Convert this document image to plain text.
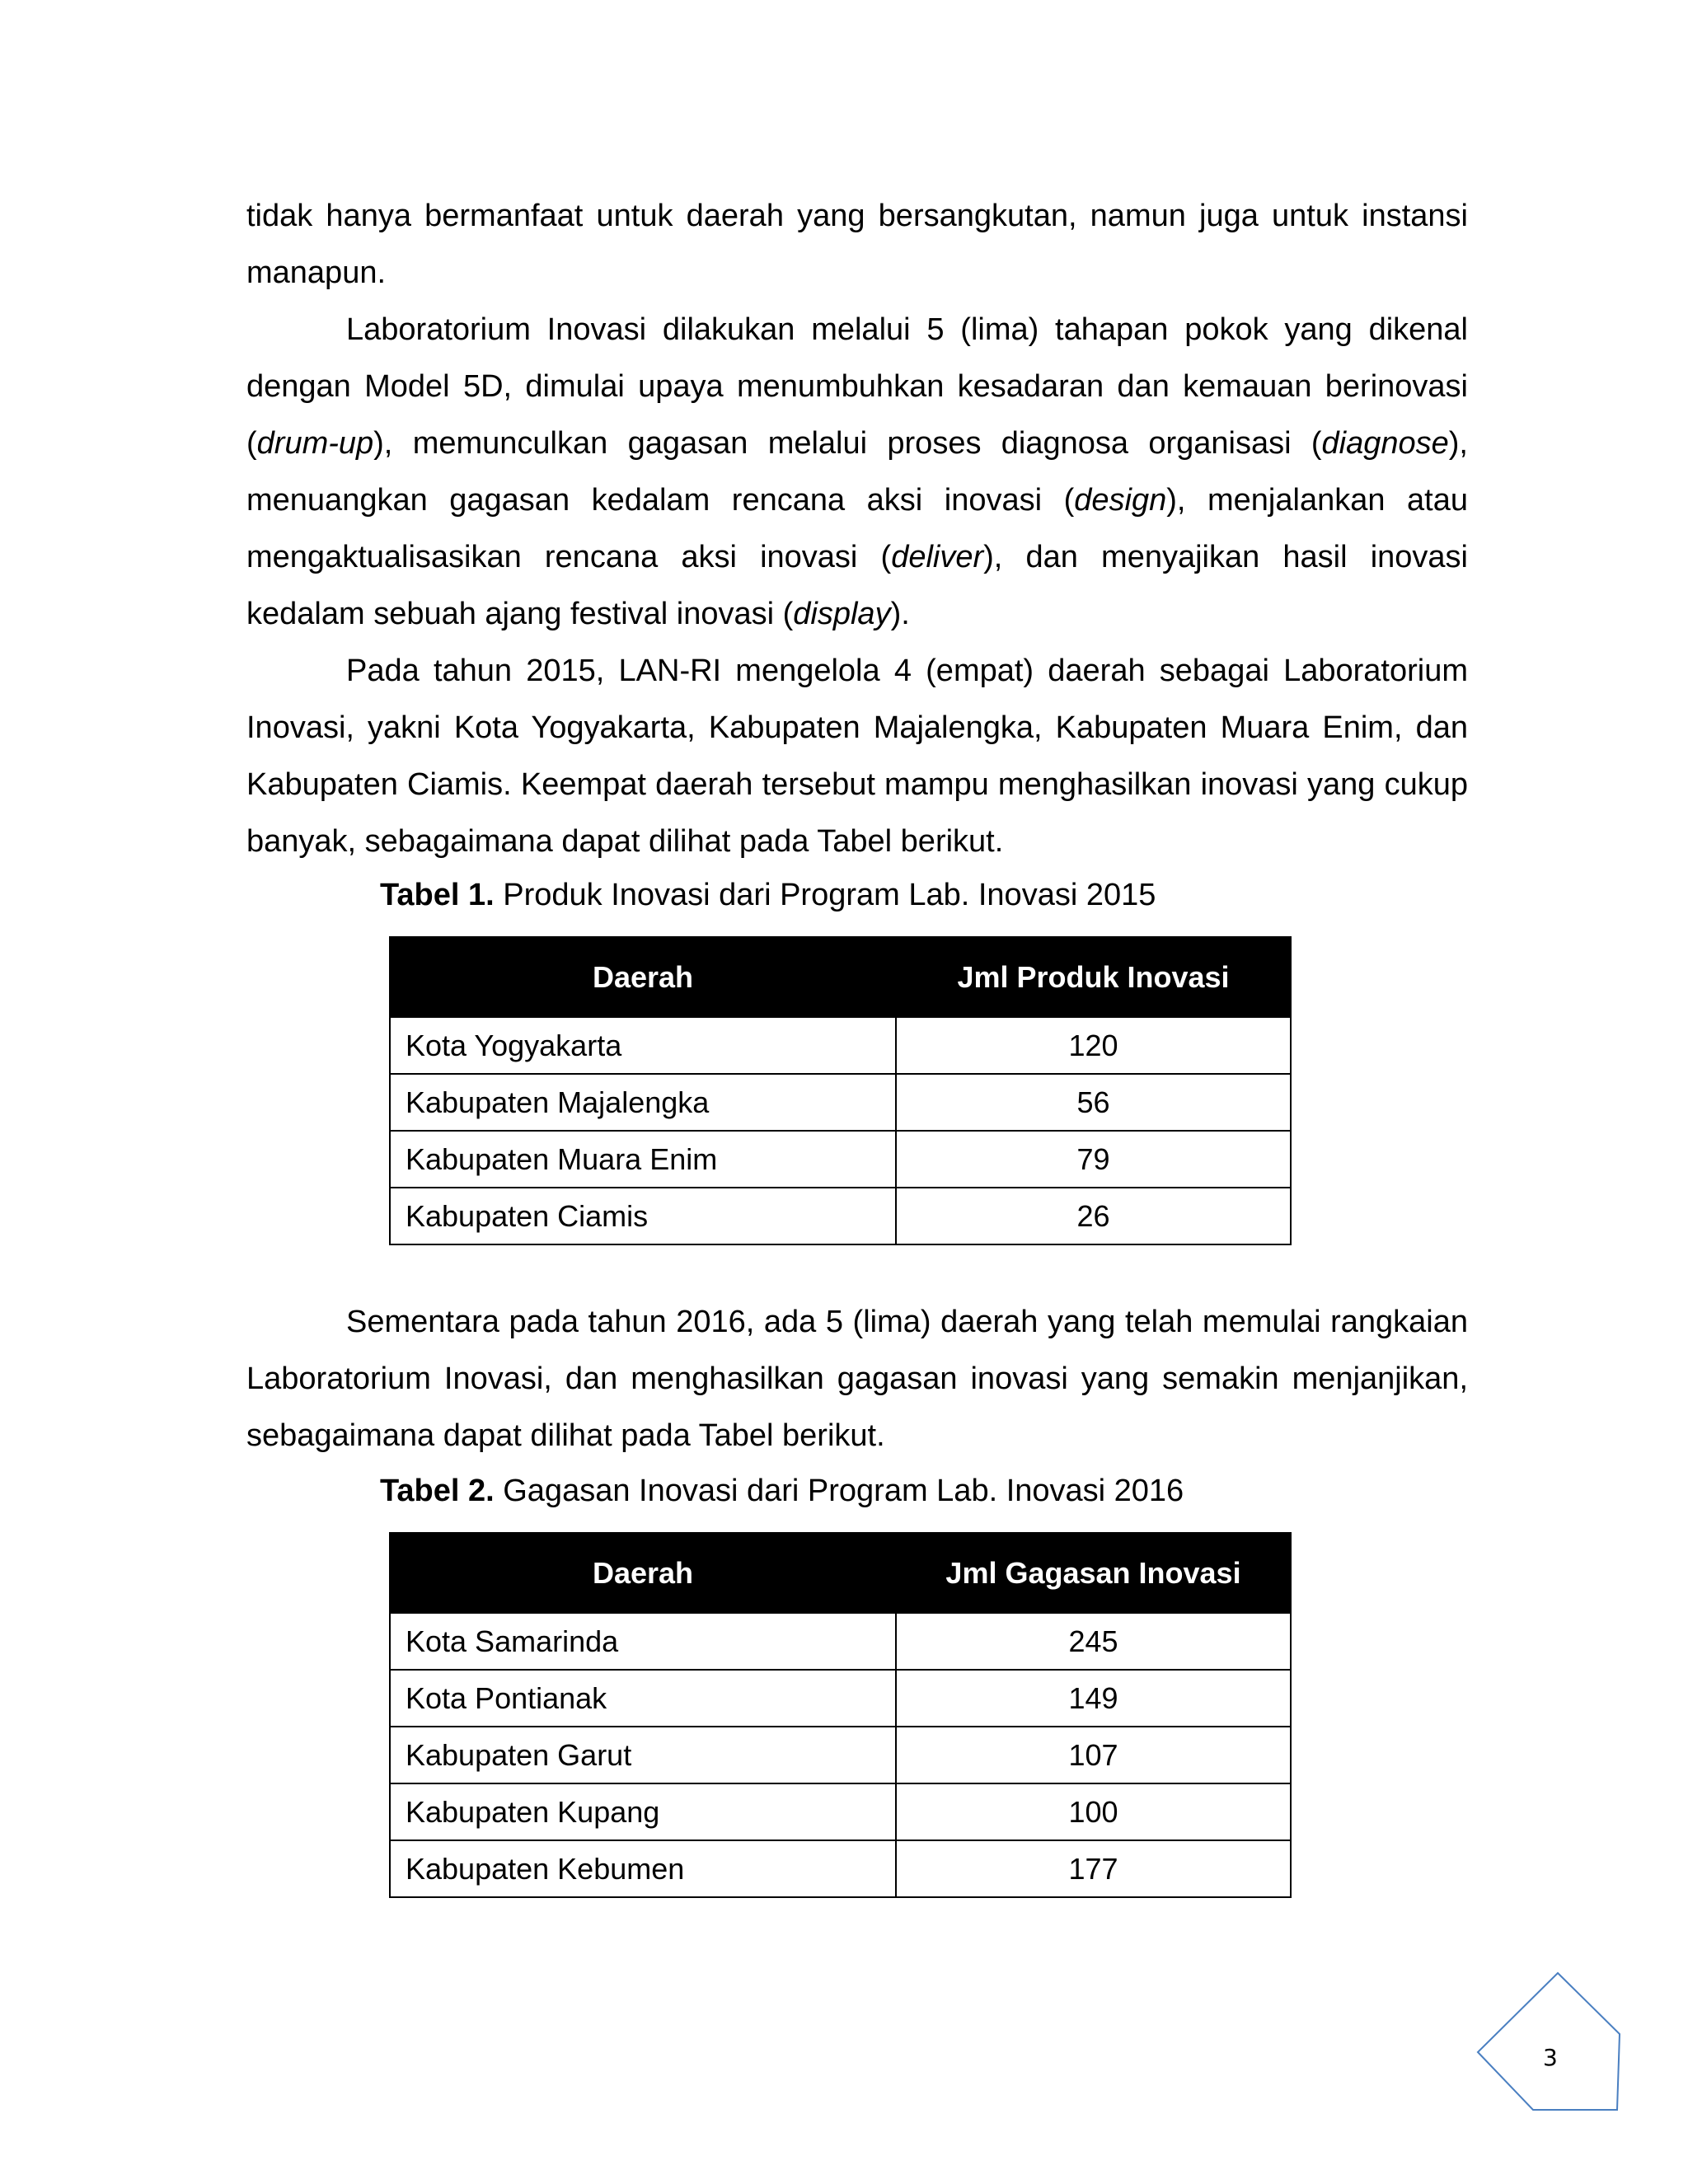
tidak hanya bermanfaat untuk daerah yang bersangkutan, namun juga untuk instansi manapun.

Laboratorium Inovasi dilakukan melalui 5 (lima) tahapan pokok yang dikenal dengan Model 5D, dimulai upaya menumbuhkan kesadaran dan kemauan berinovasi (drum-up), memunculkan gagasan melalui proses diagnosa organisasi (diagnose), menuangkan gagasan kedalam rencana aksi inovasi (design), menjalankan atau mengaktualisasikan rencana aksi inovasi (deliver), dan menyajikan hasil inovasi kedalam sebuah ajang festival inovasi (display).

Pada tahun 2015, LAN-RI mengelola 4 (empat) daerah sebagai Laboratorium Inovasi, yakni Kota Yogyakarta, Kabupaten Majalengka, Kabupaten Muara Enim, dan Kabupaten Ciamis. Keempat daerah tersebut mampu menghasilkan inovasi yang cukup banyak, sebagaimana dapat dilihat pada Tabel berikut.

Tabel 1. Produk Inovasi dari Program Lab. Inovasi 2015
Daerah	Jml Produk Inovasi
Kota Yogyakarta	120
Kabupaten Majalengka	56
Kabupaten Muara Enim	79
Kabupaten Ciamis	26

Sementara pada tahun 2016, ada 5 (lima) daerah yang telah memulai rangkaian Laboratorium Inovasi, dan menghasilkan gagasan inovasi yang semakin menjanjikan, sebagaimana dapat dilihat pada Tabel berikut.

Tabel 2. Gagasan Inovasi dari Program Lab. Inovasi 2016
Daerah	Jml Gagasan Inovasi
Kota Samarinda	245
Kota Pontianak	149
Kabupaten Garut	107
Kabupaten Kupang	100
Kabupaten Kebumen	177
3
